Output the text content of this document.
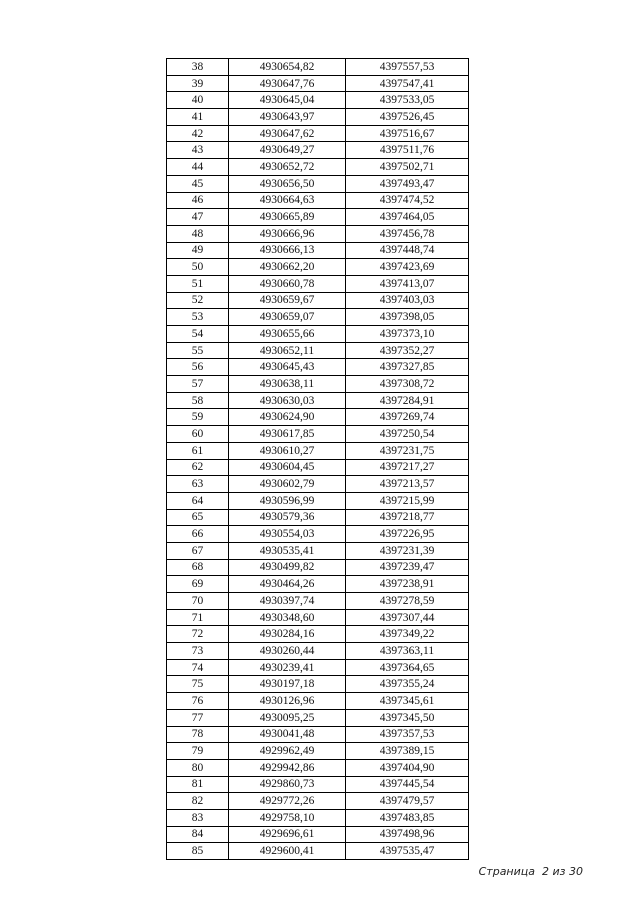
38	4930654,82	4397557,53
39	4930647,76	4397547,41
40	4930645,04	4397533,05
41	4930643,97	4397526,45
42	4930647,62	4397516,67
43	4930649,27	4397511,76
44	4930652,72	4397502,71
45	4930656,50	4397493,47
46	4930664,63	4397474,52
47	4930665,89	4397464,05
48	4930666,96	4397456,78
49	4930666,13	4397448,74
50	4930662,20	4397423,69
51	4930660,78	4397413,07
52	4930659,67	4397403,03
53	4930659,07	4397398,05
54	4930655,66	4397373,10
55	4930652,11	4397352,27
56	4930645,43	4397327,85
57	4930638,11	4397308,72
58	4930630,03	4397284,91
59	4930624,90	4397269,74
60	4930617,85	4397250,54
61	4930610,27	4397231,75
62	4930604,45	4397217,27
63	4930602,79	4397213,57
64	4930596,99	4397215,99
65	4930579,36	4397218,77
66	4930554,03	4397226,95
67	4930535,41	4397231,39
68	4930499,82	4397239,47
69	4930464,26	4397238,91
70	4930397,74	4397278,59
71	4930348,60	4397307,44
72	4930284,16	4397349,22
73	4930260,44	4397363,11
74	4930239,41	4397364,65
75	4930197,18	4397355,24
76	4930126,96	4397345,61
77	4930095,25	4397345,50
78	4930041,48	4397357,53
79	4929962,49	4397389,15
80	4929942,86	4397404,90
81	4929860,73	4397445,54
82	4929772,26	4397479,57
83	4929758,10	4397483,85
84	4929696,61	4397498,96
85	4929600,41	4397535,47
Страница  2 из 30
